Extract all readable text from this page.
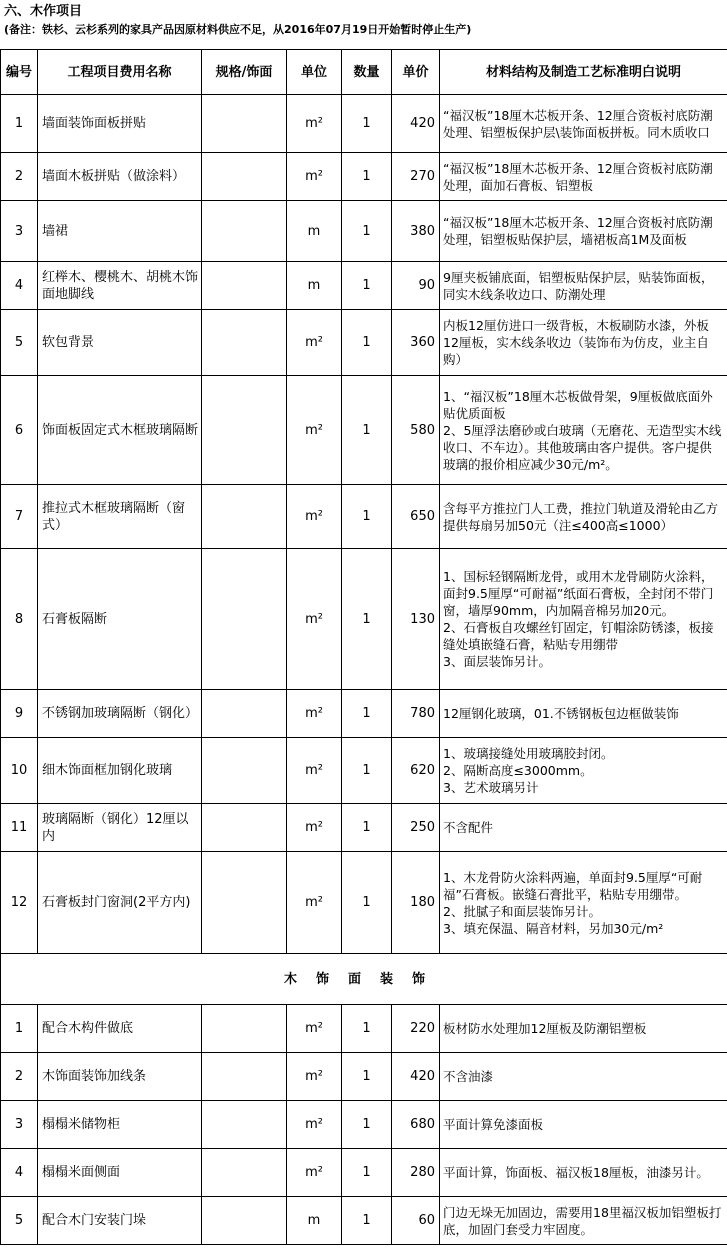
六、木作项目
(备注：铁杉、云杉系列的家具产品因原材料供应不足，从2016年07月19日开始暂时停止生产)
编号	工程项目费用名称	规格/饰面	单位	数量	单价	材料结构及制造工艺标准明白说明
1	墙面装饰面板拼贴		m²	1	420	“福汉板”18厘木芯板开条、12厘合资板衬底防潮处理、铝塑板保护层\装饰面板拼板。同木质收口
2	墙面木板拼贴（做涂料）		m²	1	270	“福汉板”18厘木芯板开条、12厘合资板衬底防潮处理，面加石膏板、铝塑板
3	墙裙		m	1	380	“福汉板”18厘木芯板开条、12厘合资板衬底防潮处理，铝塑板贴保护层，墙裙板高1M及面板
4	红榉木、樱桃木、胡桃木饰面地脚线		m	1	90	9厘夹板铺底面，铝塑板贴保护层，贴装饰面板，同实木线条收边口、防潮处理
5	软包背景		m²	1	360	内板12厘仿进口一级背板，木板刷防水漆，外板12厘板，实木线条收边（装饰布为仿皮，业主自购）
6	饰面板固定式木框玻璃隔断		m²	1	580	1、“福汉板”18厘木芯板做骨架，9厘板做底面外贴优质面板
2、5厘浮法磨砂或白玻璃（无磨花、无造型实木线收口、不车边）。其他玻璃由客户提供。客户提供玻璃的报价相应减少30元/m²。
7	推拉式木框玻璃隔断（窗式）		m²	1	650	含每平方推拉门人工费，推拉门轨道及滑轮由乙方提供每扇另加50元（注≤400高≤1000）
8	石膏板隔断		m²	1	130	1、国标轻钢隔断龙骨，或用木龙骨刷防火涂料，面封9.5厘厚“可耐福”纸面石膏板，全封闭不带门窗，墙厚90mm，内加隔音棉另加20元。
2、石膏板自攻螺丝钉固定，钉帽涂防锈漆，板接缝处填嵌缝石膏，粘贴专用绷带
3、面层装饰另计。
9	不锈钢加玻璃隔断（钢化）		m²	1	780	12厘钢化玻璃，01.不锈钢板包边框做装饰
10	细木饰面框加钢化玻璃		m²	1	620	1、玻璃接缝处用玻璃胶封闭。
2、隔断高度≤3000mm。
3、艺术玻璃另计
11	玻璃隔断（钢化）12厘以内		m²	1	250	不含配件
12	石膏板封门窗洞(2平方内)		m²	1	180	1、木龙骨防火涂料两遍，单面封9.5厘厚“可耐福”石膏板。嵌缝石膏批平，粘贴专用绷带。
2、批腻子和面层装饰另计。
3、填充保温、隔音材料，另加30元/m²
木饰面装饰						
1	配合木构件做底		m²	1	220	板材防水处理加12厘板及防潮铝塑板
2	木饰面装饰加线条		m²	1	420	不含油漆
3	榻榻米储物柜		m²	1	680	平面计算免漆面板
4	榻榻米面侧面		m²	1	280	平面计算，饰面板、福汉板18厘板，油漆另计。
5	配合木门安装门垛		m	1	60	门边无垛无加固边，需要用18里福汉板加铝塑板打底，加固门套受力牢固度。
